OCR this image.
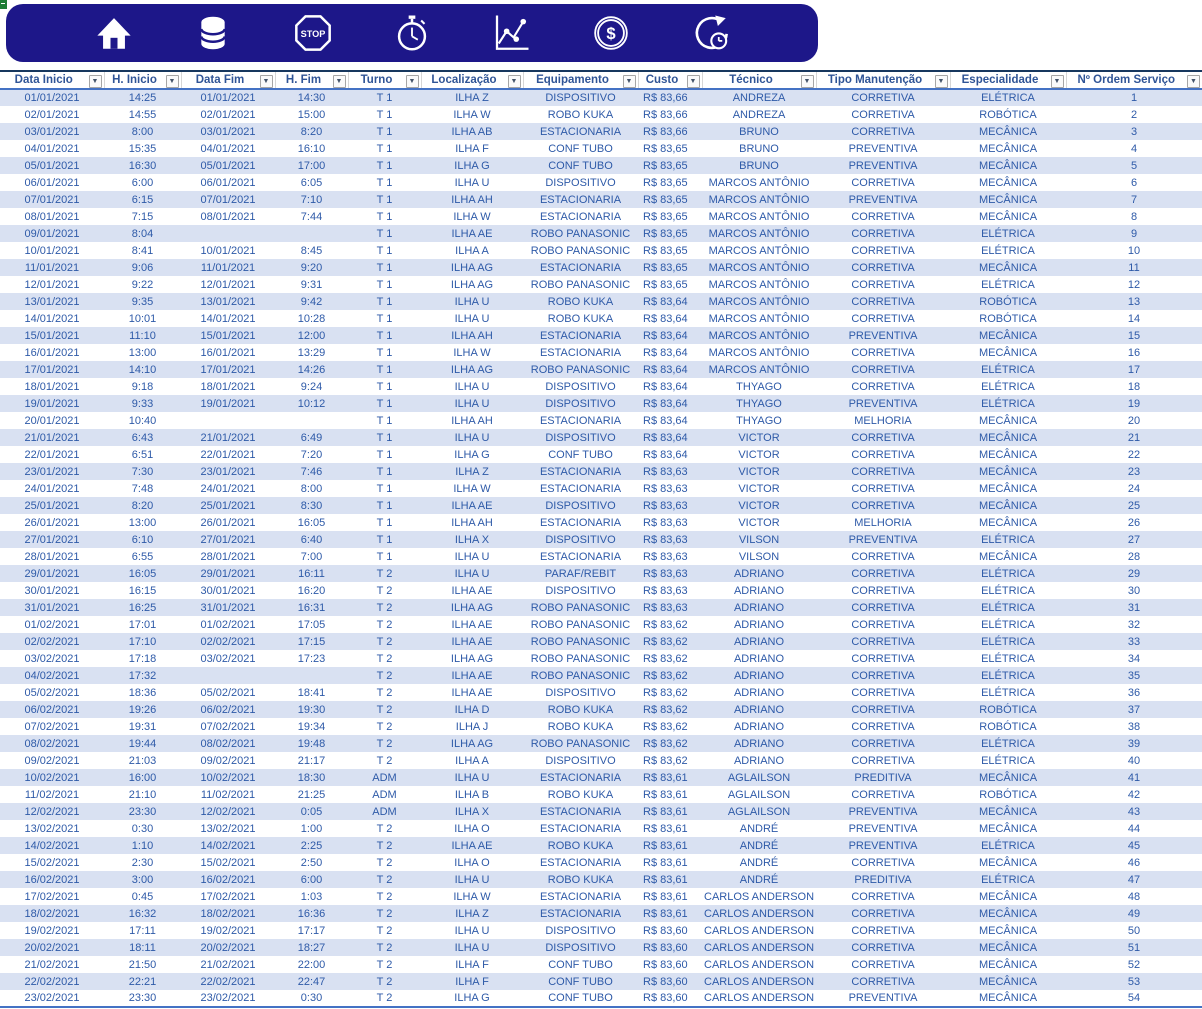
STOP	$
Data Inicio ▼	H. Inicio ▼	Data Fim ▼	H. Fim ▼	Turno ▼	Localização ▼	Equipamento ▼	Custo ▼	Técnico ▼	Tipo Manutenção ▼	Especialidade ▼	Nº Ordem Serviço ▼

01/01/2021	14:25	01/01/2021	14:30	T 1	ILHA Z	DISPOSITIVO	R$ 83,66	ANDREZA	CORRETIVA	ELÉTRICA	1
02/01/2021	14:55	02/01/2021	15:00	T 1	ILHA W	ROBO KUKA	R$ 83,66	ANDREZA	CORRETIVA	ROBÓTICA	2
03/01/2021	8:00	03/01/2021	8:20	T 1	ILHA AB	ESTACIONARIA	R$ 83,66	BRUNO	CORRETIVA	MECÂNICA	3
04/01/2021	15:35	04/01/2021	16:10	T 1	ILHA F	CONF TUBO	R$ 83,65	BRUNO	PREVENTIVA	MECÂNICA	4
05/01/2021	16:30	05/01/2021	17:00	T 1	ILHA G	CONF TUBO	R$ 83,65	BRUNO	PREVENTIVA	MECÂNICA	5
06/01/2021	6:00	06/01/2021	6:05	T 1	ILHA U	DISPOSITIVO	R$ 83,65	MARCOS ANTÔNIO	CORRETIVA	MECÂNICA	6
07/01/2021	6:15	07/01/2021	7:10	T 1	ILHA AH	ESTACIONARIA	R$ 83,65	MARCOS ANTÔNIO	PREVENTIVA	MECÂNICA	7
08/01/2021	7:15	08/01/2021	7:44	T 1	ILHA W	ESTACIONARIA	R$ 83,65	MARCOS ANTÔNIO	CORRETIVA	MECÂNICA	8
09/01/2021	8:04			T 1	ILHA AE	ROBO PANASONIC	R$ 83,65	MARCOS ANTÔNIO	CORRETIVA	ELÉTRICA	9
10/01/2021	8:41	10/01/2021	8:45	T 1	ILHA A	ROBO PANASONIC	R$ 83,65	MARCOS ANTÔNIO	CORRETIVA	ELÉTRICA	10
11/01/2021	9:06	11/01/2021	9:20	T 1	ILHA AG	ESTACIONARIA	R$ 83,65	MARCOS ANTÔNIO	CORRETIVA	MECÂNICA	11
12/01/2021	9:22	12/01/2021	9:31	T 1	ILHA AG	ROBO PANASONIC	R$ 83,65	MARCOS ANTÔNIO	CORRETIVA	ELÉTRICA	12
13/01/2021	9:35	13/01/2021	9:42	T 1	ILHA U	ROBO KUKA	R$ 83,64	MARCOS ANTÔNIO	CORRETIVA	ROBÓTICA	13
14/01/2021	10:01	14/01/2021	10:28	T 1	ILHA U	ROBO KUKA	R$ 83,64	MARCOS ANTÔNIO	CORRETIVA	ROBÓTICA	14
15/01/2021	11:10	15/01/2021	12:00	T 1	ILHA AH	ESTACIONARIA	R$ 83,64	MARCOS ANTÔNIO	PREVENTIVA	MECÂNICA	15
16/01/2021	13:00	16/01/2021	13:29	T 1	ILHA W	ESTACIONARIA	R$ 83,64	MARCOS ANTÔNIO	CORRETIVA	MECÂNICA	16
17/01/2021	14:10	17/01/2021	14:26	T 1	ILHA AG	ROBO PANASONIC	R$ 83,64	MARCOS ANTÔNIO	CORRETIVA	ELÉTRICA	17
18/01/2021	9:18	18/01/2021	9:24	T 1	ILHA U	DISPOSITIVO	R$ 83,64	THYAGO	CORRETIVA	ELÉTRICA	18
19/01/2021	9:33	19/01/2021	10:12	T 1	ILHA U	DISPOSITIVO	R$ 83,64	THYAGO	PREVENTIVA	ELÉTRICA	19
20/01/2021	10:40			T 1	ILHA AH	ESTACIONARIA	R$ 83,64	THYAGO	MELHORIA	MECÂNICA	20
21/01/2021	6:43	21/01/2021	6:49	T 1	ILHA U	DISPOSITIVO	R$ 83,64	VICTOR	CORRETIVA	MECÂNICA	21
22/01/2021	6:51	22/01/2021	7:20	T 1	ILHA G	CONF TUBO	R$ 83,64	VICTOR	CORRETIVA	MECÂNICA	22
23/01/2021	7:30	23/01/2021	7:46	T 1	ILHA Z	ESTACIONARIA	R$ 83,63	VICTOR	CORRETIVA	MECÂNICA	23
24/01/2021	7:48	24/01/2021	8:00	T 1	ILHA W	ESTACIONARIA	R$ 83,63	VICTOR	CORRETIVA	MECÂNICA	24
25/01/2021	8:20	25/01/2021	8:30	T 1	ILHA AE	DISPOSITIVO	R$ 83,63	VICTOR	CORRETIVA	MECÂNICA	25
26/01/2021	13:00	26/01/2021	16:05	T 1	ILHA AH	ESTACIONARIA	R$ 83,63	VICTOR	MELHORIA	MECÂNICA	26
27/01/2021	6:10	27/01/2021	6:40	T 1	ILHA X	DISPOSITIVO	R$ 83,63	VILSON	PREVENTIVA	ELÉTRICA	27
28/01/2021	6:55	28/01/2021	7:00	T 1	ILHA U	ESTACIONARIA	R$ 83,63	VILSON	CORRETIVA	MECÂNICA	28
29/01/2021	16:05	29/01/2021	16:11	T 2	ILHA U	PARAF/REBIT	R$ 83,63	ADRIANO	CORRETIVA	ELÉTRICA	29
30/01/2021	16:15	30/01/2021	16:20	T 2	ILHA AE	DISPOSITIVO	R$ 83,63	ADRIANO	CORRETIVA	ELÉTRICA	30
31/01/2021	16:25	31/01/2021	16:31	T 2	ILHA AG	ROBO PANASONIC	R$ 83,63	ADRIANO	CORRETIVA	ELÉTRICA	31
01/02/2021	17:01	01/02/2021	17:05	T 2	ILHA AE	ROBO PANASONIC	R$ 83,62	ADRIANO	CORRETIVA	ELÉTRICA	32
02/02/2021	17:10	02/02/2021	17:15	T 2	ILHA AE	ROBO PANASONIC	R$ 83,62	ADRIANO	CORRETIVA	ELÉTRICA	33
03/02/2021	17:18	03/02/2021	17:23	T 2	ILHA AG	ROBO PANASONIC	R$ 83,62	ADRIANO	CORRETIVA	ELÉTRICA	34
04/02/2021	17:32			T 2	ILHA AE	ROBO PANASONIC	R$ 83,62	ADRIANO	CORRETIVA	ELÉTRICA	35
05/02/2021	18:36	05/02/2021	18:41	T 2	ILHA AE	DISPOSITIVO	R$ 83,62	ADRIANO	CORRETIVA	ELÉTRICA	36
06/02/2021	19:26	06/02/2021	19:30	T 2	ILHA D	ROBO KUKA	R$ 83,62	ADRIANO	CORRETIVA	ROBÓTICA	37
07/02/2021	19:31	07/02/2021	19:34	T 2	ILHA J	ROBO KUKA	R$ 83,62	ADRIANO	CORRETIVA	ROBÓTICA	38
08/02/2021	19:44	08/02/2021	19:48	T 2	ILHA AG	ROBO PANASONIC	R$ 83,62	ADRIANO	CORRETIVA	ELÉTRICA	39
09/02/2021	21:03	09/02/2021	21:17	T 2	ILHA A	DISPOSITIVO	R$ 83,62	ADRIANO	CORRETIVA	ELÉTRICA	40
10/02/2021	16:00	10/02/2021	18:30	ADM	ILHA U	ESTACIONARIA	R$ 83,61	AGLAILSON	PREDITIVA	MECÂNICA	41
11/02/2021	21:10	11/02/2021	21:25	ADM	ILHA B	ROBO KUKA	R$ 83,61	AGLAILSON	CORRETIVA	ROBÓTICA	42
12/02/2021	23:30	12/02/2021	0:05	ADM	ILHA X	ESTACIONARIA	R$ 83,61	AGLAILSON	PREVENTIVA	MECÂNICA	43
13/02/2021	0:30	13/02/2021	1:00	T 2	ILHA O	ESTACIONARIA	R$ 83,61	ANDRÉ	PREVENTIVA	MECÂNICA	44
14/02/2021	1:10	14/02/2021	2:25	T 2	ILHA AE	ROBO KUKA	R$ 83,61	ANDRÉ	PREVENTIVA	ELÉTRICA	45
15/02/2021	2:30	15/02/2021	2:50	T 2	ILHA O	ESTACIONARIA	R$ 83,61	ANDRÉ	CORRETIVA	MECÂNICA	46
16/02/2021	3:00	16/02/2021	6:00	T 2	ILHA U	ROBO KUKA	R$ 83,61	ANDRÉ	PREDITIVA	ELÉTRICA	47
17/02/2021	0:45	17/02/2021	1:03	T 2	ILHA W	ESTACIONARIA	R$ 83,61	CARLOS ANDERSON	CORRETIVA	MECÂNICA	48
18/02/2021	16:32	18/02/2021	16:36	T 2	ILHA Z	ESTACIONARIA	R$ 83,61	CARLOS ANDERSON	CORRETIVA	MECÂNICA	49
19/02/2021	17:11	19/02/2021	17:17	T 2	ILHA U	DISPOSITIVO	R$ 83,60	CARLOS ANDERSON	CORRETIVA	MECÂNICA	50
20/02/2021	18:11	20/02/2021	18:27	T 2	ILHA U	DISPOSITIVO	R$ 83,60	CARLOS ANDERSON	CORRETIVA	MECÂNICA	51
21/02/2021	21:50	21/02/2021	22:00	T 2	ILHA F	CONF TUBO	R$ 83,60	CARLOS ANDERSON	CORRETIVA	MECÂNICA	52
22/02/2021	22:21	22/02/2021	22:47	T 2	ILHA F	CONF TUBO	R$ 83,60	CARLOS ANDERSON	CORRETIVA	MECÂNICA	53
23/02/2021	23:30	23/02/2021	0:30	T 2	ILHA G	CONF TUBO	R$ 83,60	CARLOS ANDERSON	PREVENTIVA	MECÂNICA	54
